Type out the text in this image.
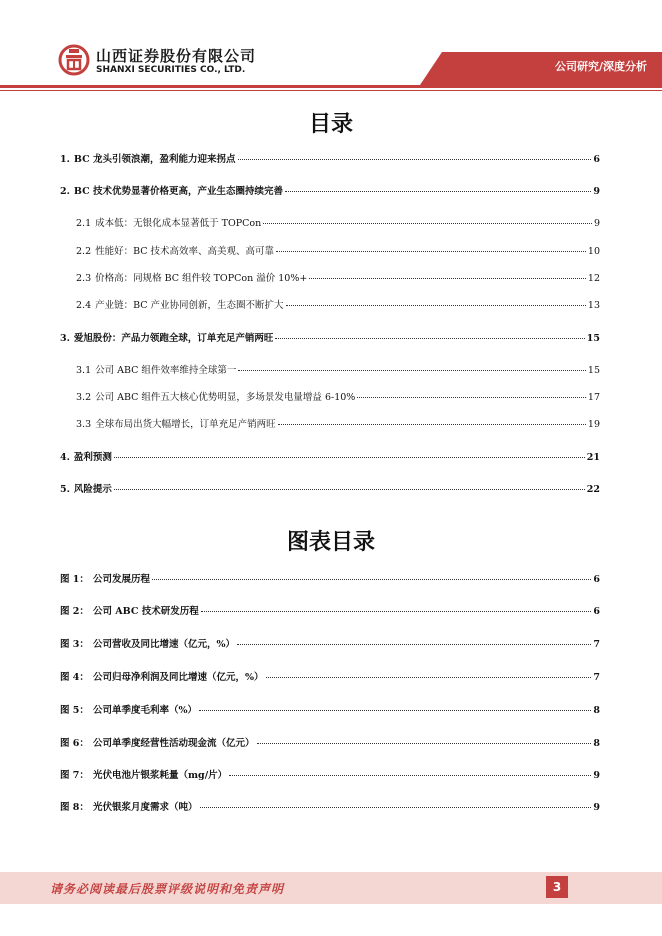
山西证券股份有限公司
SHANXI SECURITIES CO., LTD.	公司研究/深度分析
目录
1. BC 龙头引领浪潮，盈利能力迎来拐点	6
2. BC 技术优势显著价格更高，产业生态圈持续完善	9
2.1 成本低：无银化成本显著低于 TOPCon	9
2.2 性能好：BC 技术高效率、高美观、高可靠	10
2.3 价格高：同规格 BC 组件较 TOPCon 溢价 10%+	12
2.4 产业链：BC 产业协同创新，生态圈不断扩大	13
3. 爱旭股份：产品力领跑全球，订单充足产销两旺	15
3.1 公司 ABC 组件效率维持全球第一	15
3.2 公司 ABC 组件五大核心优势明显，多场景发电量增益 6-10%	17
3.3 全球布局出货大幅增长，订单充足产销两旺	19
4. 盈利预测	21
5. 风险提示	22
图表目录
图 1： 公司发展历程	6
图 2： 公司 ABC 技术研发历程	6
图 3： 公司营收及同比增速（亿元，%）	7
图 4： 公司归母净利润及同比增速（亿元，%）	7
图 5： 公司单季度毛利率（%）	8
图 6： 公司单季度经营性活动现金流（亿元）	8
图 7： 光伏电池片银浆耗量（mg/片）	9
图 8： 光伏银浆月度需求（吨）	9
请务必阅读最后股票评级说明和免责声明	3
